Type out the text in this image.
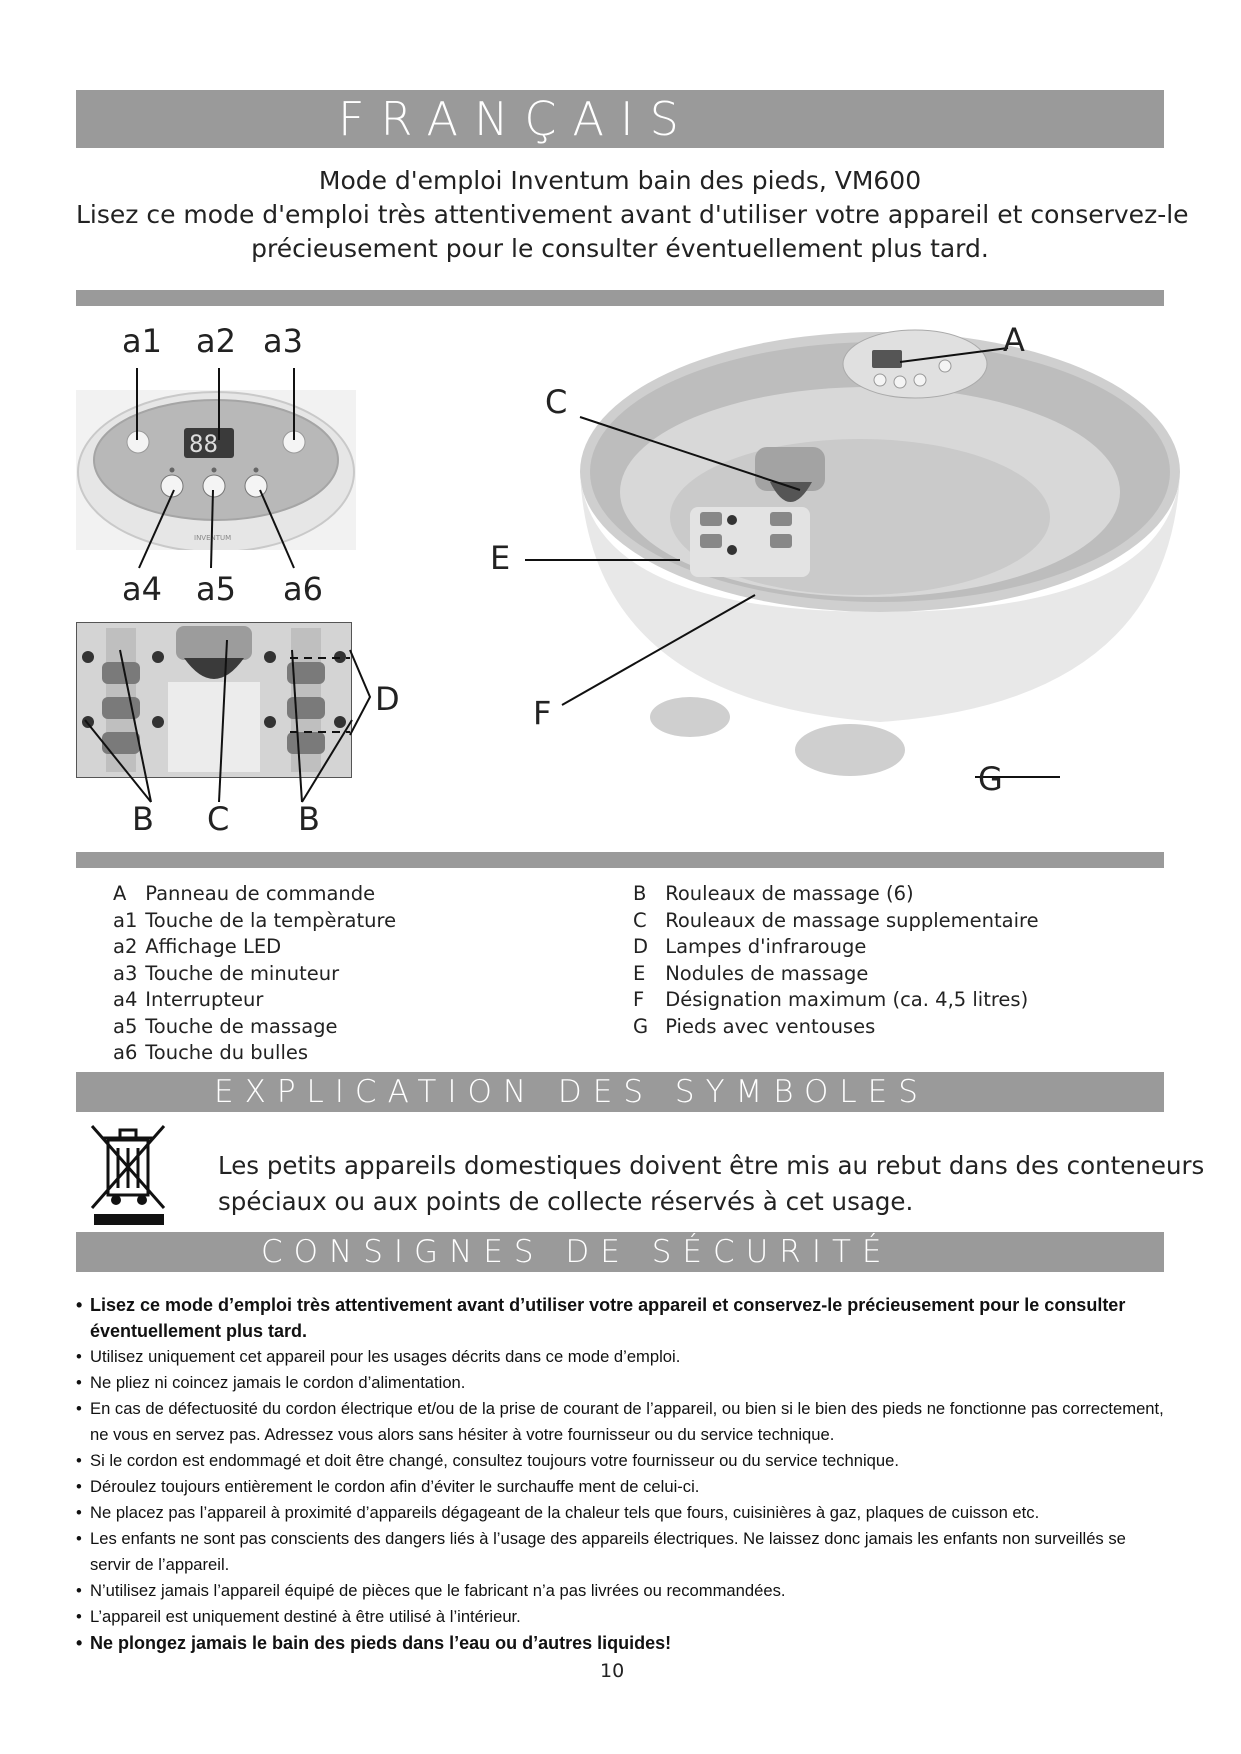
FRANÇAIS
Mode d'emploi Inventum bain des pieds, VM600
Lisez ce mode d'emploi très attentivement avant d'utiliser votre appareil et conservez-le
précieusement pour le consulter éventuellement plus tard.
88
INVENTUM
a1 a2 a3
a4 a5 a6
A
C
E
D	F
G
B C B
A Panneau de commande
a1 Touche de la tempèrature
a2 Affichage LED
a3 Touche de minuteur
a4 Interrupteur
a5 Touche de massage
a6 Touche du bulles
B Rouleaux de massage (6)
C Rouleaux de massage supplementaire
D Lampes d'infrarouge
E Nodules de massage
F Désignation maximum (ca. 4,5 litres)
G Pieds avec ventouses
EXPLICATION DES SYMBOLES
Les petits appareils domestiques doivent être mis au rebut dans des conteneurs
spéciaux ou aux points de collecte réservés à cet usage.
CONSIGNES DE SÉCURITÉ
• Lisez ce mode d’emploi très attentivement avant d’utiliser votre appareil et conservez-le précieusement pour le consulter éventuellement plus tard.
• Utilisez uniquement cet appareil pour les usages décrits dans ce mode d’emploi.
• Ne pliez ni coincez jamais le cordon d’alimentation.
• En cas de défectuosité du cordon électrique et/ou de la prise de courant de l’appareil, ou bien si le bien des pieds ne fonctionne pas correctement, ne vous en servez pas. Adressez vous alors sans hésiter à votre fournisseur ou du service technique.
• Si le cordon est endommagé et doit être changé, consultez toujours votre fournisseur ou du service technique.
• Déroulez toujours entièrement le cordon afin d’éviter le surchauffe ment de celui-ci.
• Ne placez pas l’appareil à proximité d’appareils dégageant de la chaleur tels que fours, cuisinières à gaz, plaques de cuisson etc.
• Les enfants ne sont pas conscients des dangers liés à l’usage des appareils électriques. Ne laissez donc jamais les enfants non surveillés se servir de l’appareil.
• N’utilisez jamais l’appareil équipé de pièces que le fabricant n’a pas livrées ou recommandées.
• L’appareil est uniquement destiné à être utilisé à l’intérieur.
• Ne plongez jamais le bain des pieds dans l’eau ou d’autres liquides!
10
